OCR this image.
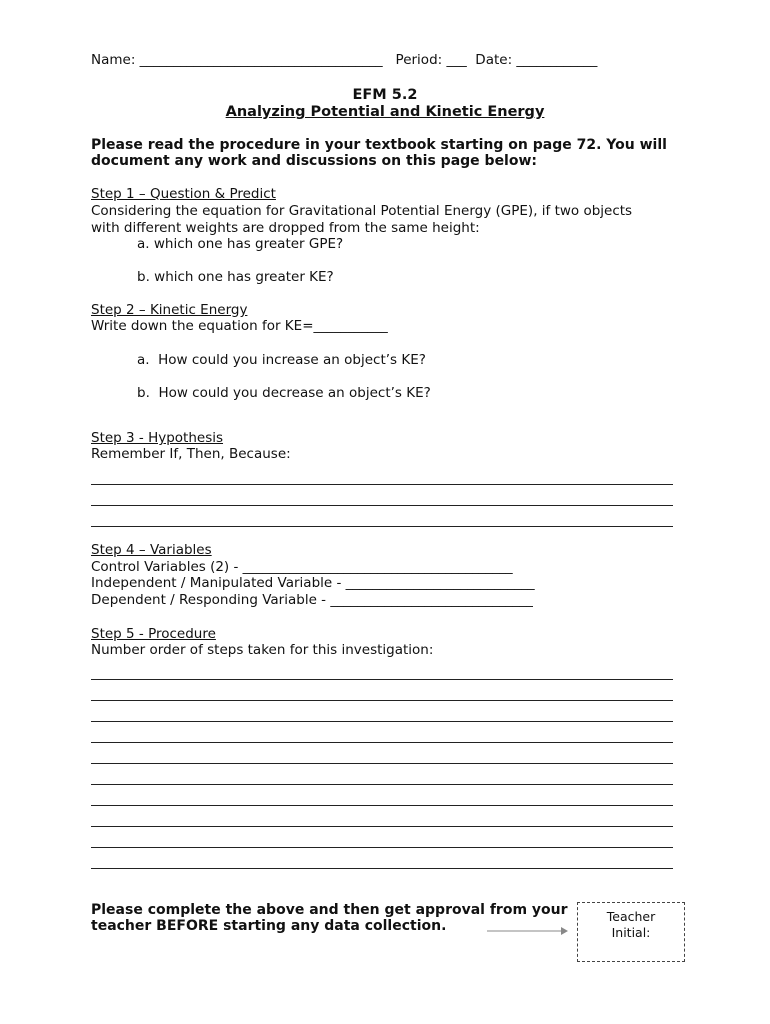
Name: ____________________________________   Period: ___  Date: ____________
EFM 5.2
Analyzing Potential and Kinetic Energy
Please read the procedure in your textbook starting on page 72. You will
document any work and discussions on this page below:
Step 1 – Question & Predict
Considering the equation for Gravitational Potential Energy (GPE), if two objects
with different weights are dropped from the same height:
a. which one has greater GPE?
b. which one has greater KE?
Step 2 – Kinetic Energy
Write down the equation for KE=___________
a.  How could you increase an object’s KE?
b.  How could you decrease an object’s KE?
Step 3 - Hypothesis
Remember If, Then, Because:
Step 4 – Variables
Control Variables (2) - ________________________________________
Independent / Manipulated Variable - ____________________________
Dependent / Responding Variable - ______________________________
Step 5 - Procedure
Number order of steps taken for this investigation:
Please complete the above and then get approval from your
teacher BEFORE starting any data collection.
Teacher
Initial:
